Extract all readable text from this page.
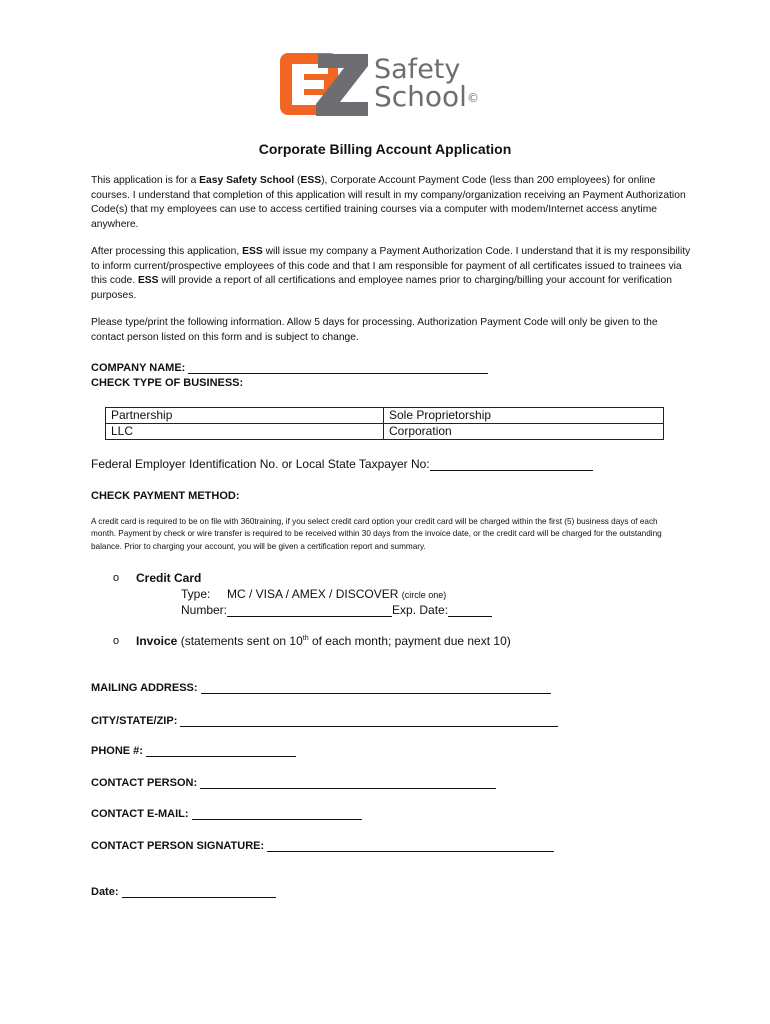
Safety
School©
Corporate Billing Account Application
This application is for a Easy Safety School (ESS), Corporate Account Payment Code (less than 200 employees) for online courses. I understand that completion of this application will result in my company/organization receiving an Payment Authorization Code(s) that my employees can use to access certified training courses via a computer with modem/Internet access anytime anywhere.
After processing this application, ESS will issue my company a Payment Authorization Code. I understand that it is my responsibility to inform current/prospective employees of this code and that I am responsible for payment of all certificates issued to trainees via this code. ESS will provide a report of all certifications and employee names prior to charging/billing your account for verification purposes.
Please type/print the following information. Allow 5 days for processing. Authorization Payment Code will only be given to the contact person listed on this form and is subject to change.
COMPANY NAME:
CHECK TYPE OF BUSINESS:
Partnership	Sole Proprietorship
LLC	Corporation
Federal Employer Identification No. or Local State Taxpayer No:
CHECK PAYMENT METHOD:
A credit card is required to be on file with 360training, if you select credit card option your credit card will be charged within the first (5) business days of each month. Payment by check or wire transfer is required to be received within 30 days from the invoice date, or the credit card will be charged for the outstanding balance. Prior to charging your account, you will be given a certification report and summary.
o Credit Card
Type: MC / VISA / AMEX / DISCOVER (circle one)
Number:	Exp. Date:
o Invoice (statements sent on 10th of each month; payment due next 10)
MAILING ADDRESS:
CITY/STATE/ZIP:
PHONE #:
CONTACT PERSON:
CONTACT E-MAIL:
CONTACT PERSON SIGNATURE:
Date:
